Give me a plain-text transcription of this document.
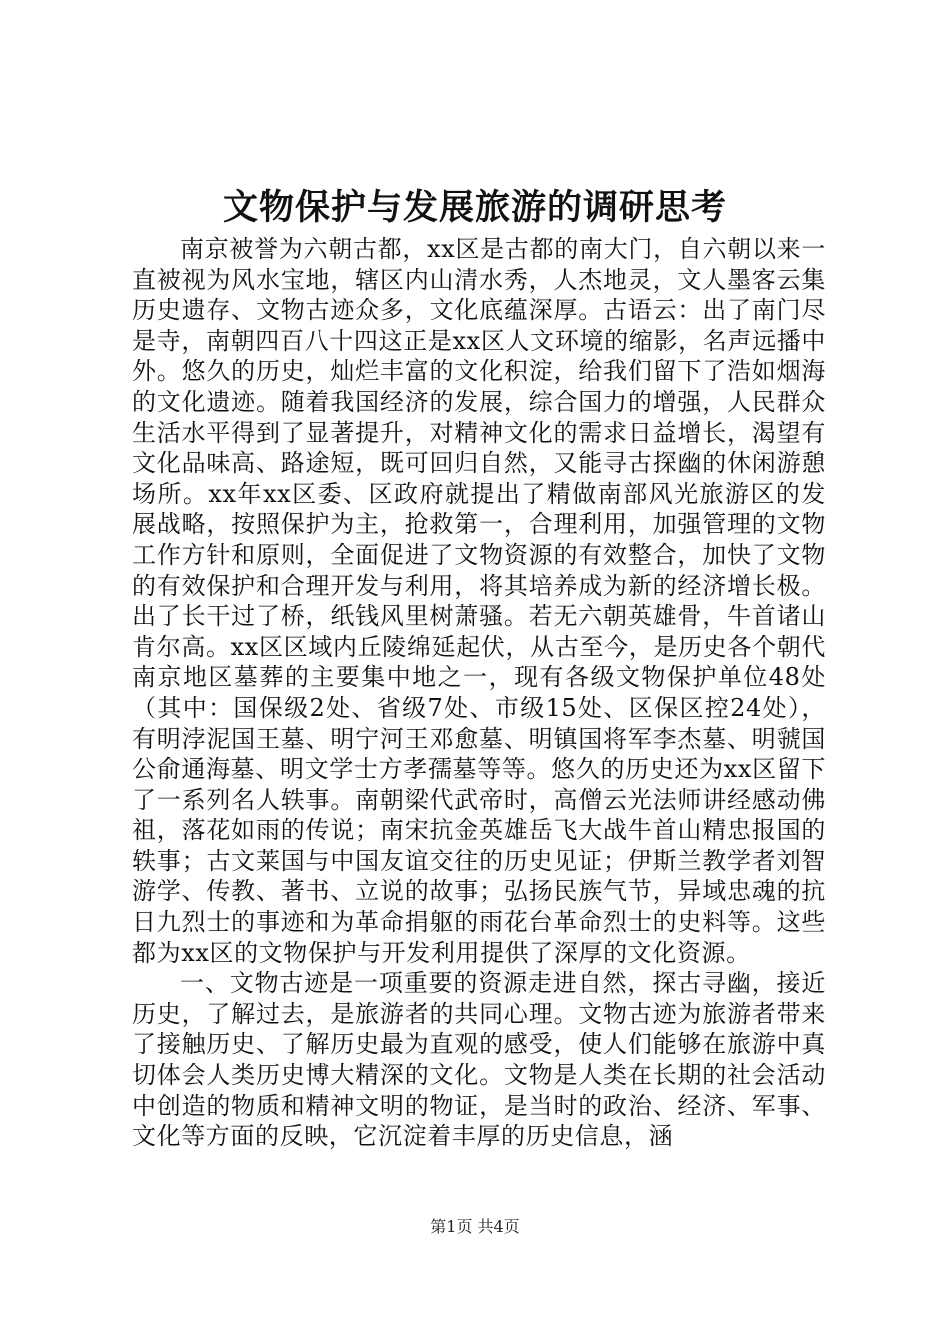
文物保护与发展旅游的调研思考

南京被誉为六朝古都，xx区是古都的南大门，自六朝以来一直被视为风水宝地，辖区内山清水秀，人杰地灵，文人墨客云集历史遗存、文物古迹众多，文化底蕴深厚。古语云：出了南门尽是寺，南朝四百八十四这正是xx区人文环境的缩影，名声远播中外。悠久的历史，灿烂丰富的文化积淀，给我们留下了浩如烟海的文化遗迹。随着我国经济的发展，综合国力的增强，人民群众生活水平得到了显著提升，对精神文化的需求日益增长，渴望有文化品味高、路途短，既可回归自然，又能寻古探幽的休闲游憩场所。xx年xx区委、区政府就提出了精做南部风光旅游区的发展战略，按照保护为主，抢救第一，合理利用，加强管理的文物工作方针和原则，全面促进了文物资源的有效整合，加快了文物的有效保护和合理开发与利用，将其培养成为新的经济增长极。出了长干过了桥，纸钱风里树萧骚。若无六朝英雄骨，牛首诸山肯尔高。xx区区域内丘陵绵延起伏，从古至今，是历史各个朝代南京地区墓葬的主要集中地之一，现有各级文物保护单位48处（其中：国保级2处、省级7处、市级15处、区保区控24处），有明浡泥国王墓、明宁河王邓愈墓、明镇国将军李杰墓、明虢国公俞通海墓、明文学士方孝孺墓等等。悠久的历史还为xx区留下了一系列名人轶事。南朝梁代武帝时，高僧云光法师讲经感动佛祖，落花如雨的传说；南宋抗金英雄岳飞大战牛首山精忠报国的轶事；古文莱国与中国友谊交往的历史见证；伊斯兰教学者刘智游学、传教、著书、立说的故事；弘扬民族气节，异域忠魂的抗日九烈士的事迹和为革命捐躯的雨花台革命烈士的史料等。这些都为xx区的文物保护与开发利用提供了深厚的文化资源。

一、文物古迹是一项重要的资源走进自然，探古寻幽，接近历史，了解过去，是旅游者的共同心理。文物古迹为旅游者带来了接触历史、了解历史最为直观的感受，使人们能够在旅游中真切体会人类历史博大精深的文化。文物是人类在长期的社会活动中创造的物质和精神文明的物证，是当时的政治、经济、军事、文化等方面的反映，它沉淀着丰厚的历史信息，涵

第1页 共4页
